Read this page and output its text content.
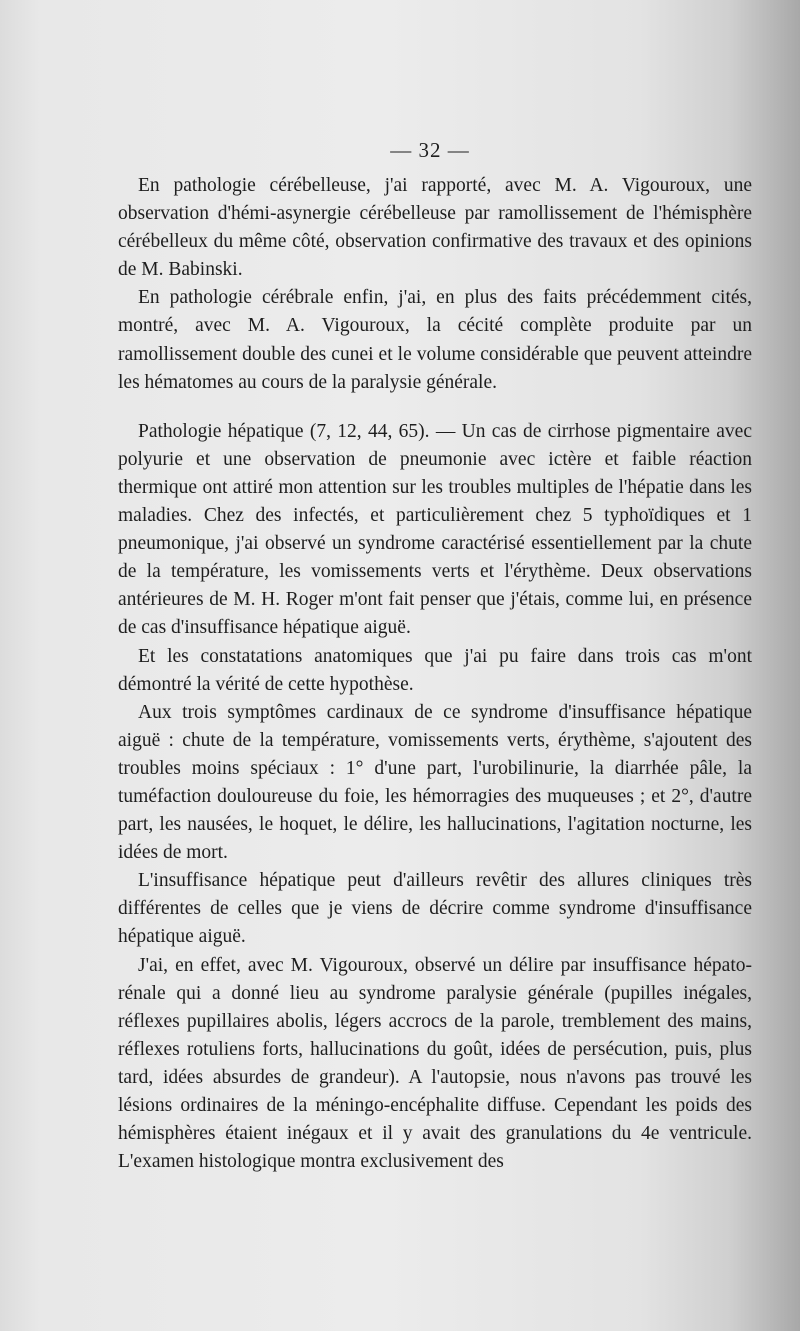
— 32 —

En pathologie cérébelleuse, j'ai rapporté, avec M. A. Vigouroux, une observation d'hémi-asynergie cérébelleuse par ramollissement de l'hémisphère cérébelleux du même côté, observation confirmative des travaux et des opinions de M. Babinski.

En pathologie cérébrale enfin, j'ai, en plus des faits précédemment cités, montré, avec M. A. Vigouroux, la cécité complète produite par un ramollissement double des cunei et le volume considérable que peuvent atteindre les hématomes au cours de la paralysie générale.

Pathologie hépatique (7, 12, 44, 65). — Un cas de cirrhose pigmentaire avec polyurie et une observation de pneumonie avec ictère et faible réaction thermique ont attiré mon attention sur les troubles multiples de l'hépatie dans les maladies. Chez des infectés, et particulièrement chez 5 typhoïdiques et 1 pneumonique, j'ai observé un syndrome caractérisé essentiellement par la chute de la température, les vomissements verts et l'érythème. Deux observations antérieures de M. H. Roger m'ont fait penser que j'étais, comme lui, en présence de cas d'insuffisance hépatique aiguë.

Et les constatations anatomiques que j'ai pu faire dans trois cas m'ont démontré la vérité de cette hypothèse.

Aux trois symptômes cardinaux de ce syndrome d'insuffisance hépatique aiguë : chute de la température, vomissements verts, érythème, s'ajoutent des troubles moins spéciaux : 1° d'une part, l'urobilinurie, la diarrhée pâle, la tuméfaction douloureuse du foie, les hémorragies des muqueuses ; et 2°, d'autre part, les nausées, le hoquet, le délire, les hallucinations, l'agitation nocturne, les idées de mort.

L'insuffisance hépatique peut d'ailleurs revêtir des allures cliniques très différentes de celles que je viens de décrire comme syndrome d'insuffisance hépatique aiguë.

J'ai, en effet, avec M. Vigouroux, observé un délire par insuffisance hépato-rénale qui a donné lieu au syndrome paralysie générale (pupilles inégales, réflexes pupillaires abolis, légers accrocs de la parole, tremblement des mains, réflexes rotuliens forts, hallucinations du goût, idées de persécution, puis, plus tard, idées absurdes de grandeur). A l'autopsie, nous n'avons pas trouvé les lésions ordinaires de la méningo-encéphalite diffuse. Cependant les poids des hémisphères étaient inégaux et il y avait des granulations du 4e ventricule. L'examen histologique montra exclusivement des
